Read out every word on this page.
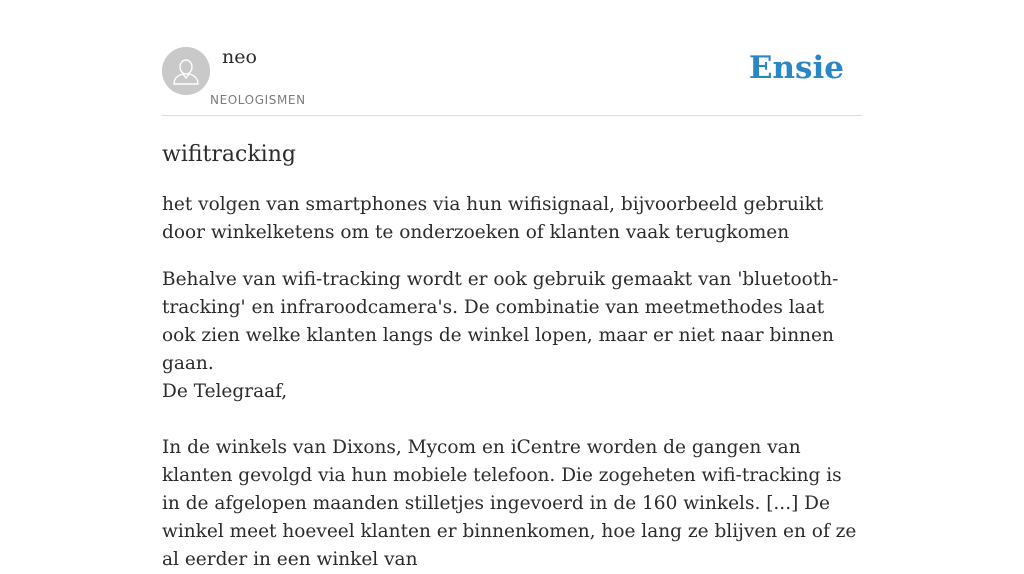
neo
NEOLOGISMEN
Ensie
wifitracking

het volgen van smartphones via hun wifisignaal, bijvoorbeeld gebruikt door winkelketens om te onderzoeken of klanten vaak terugkomen

Behalve van wifi-tracking wordt er ook gebruik gemaakt van 'bluetooth-tracking' en infraroodcamera's. De combinatie van meetmethodes laat ook zien welke klanten langs de winkel lopen, maar er niet naar binnen gaan.

De Telegraaf,

In de winkels van Dixons, Mycom en iCentre worden de gangen van klanten gevolgd via hun mobiele telefoon. Die zogeheten wifi-tracking is in de afgelopen maanden stilletjes ingevoerd in de 160 winkels. [...] De winkel meet hoeveel klanten er binnenkomen, hoe lang ze blijven en of ze al eerder in een winkel van
